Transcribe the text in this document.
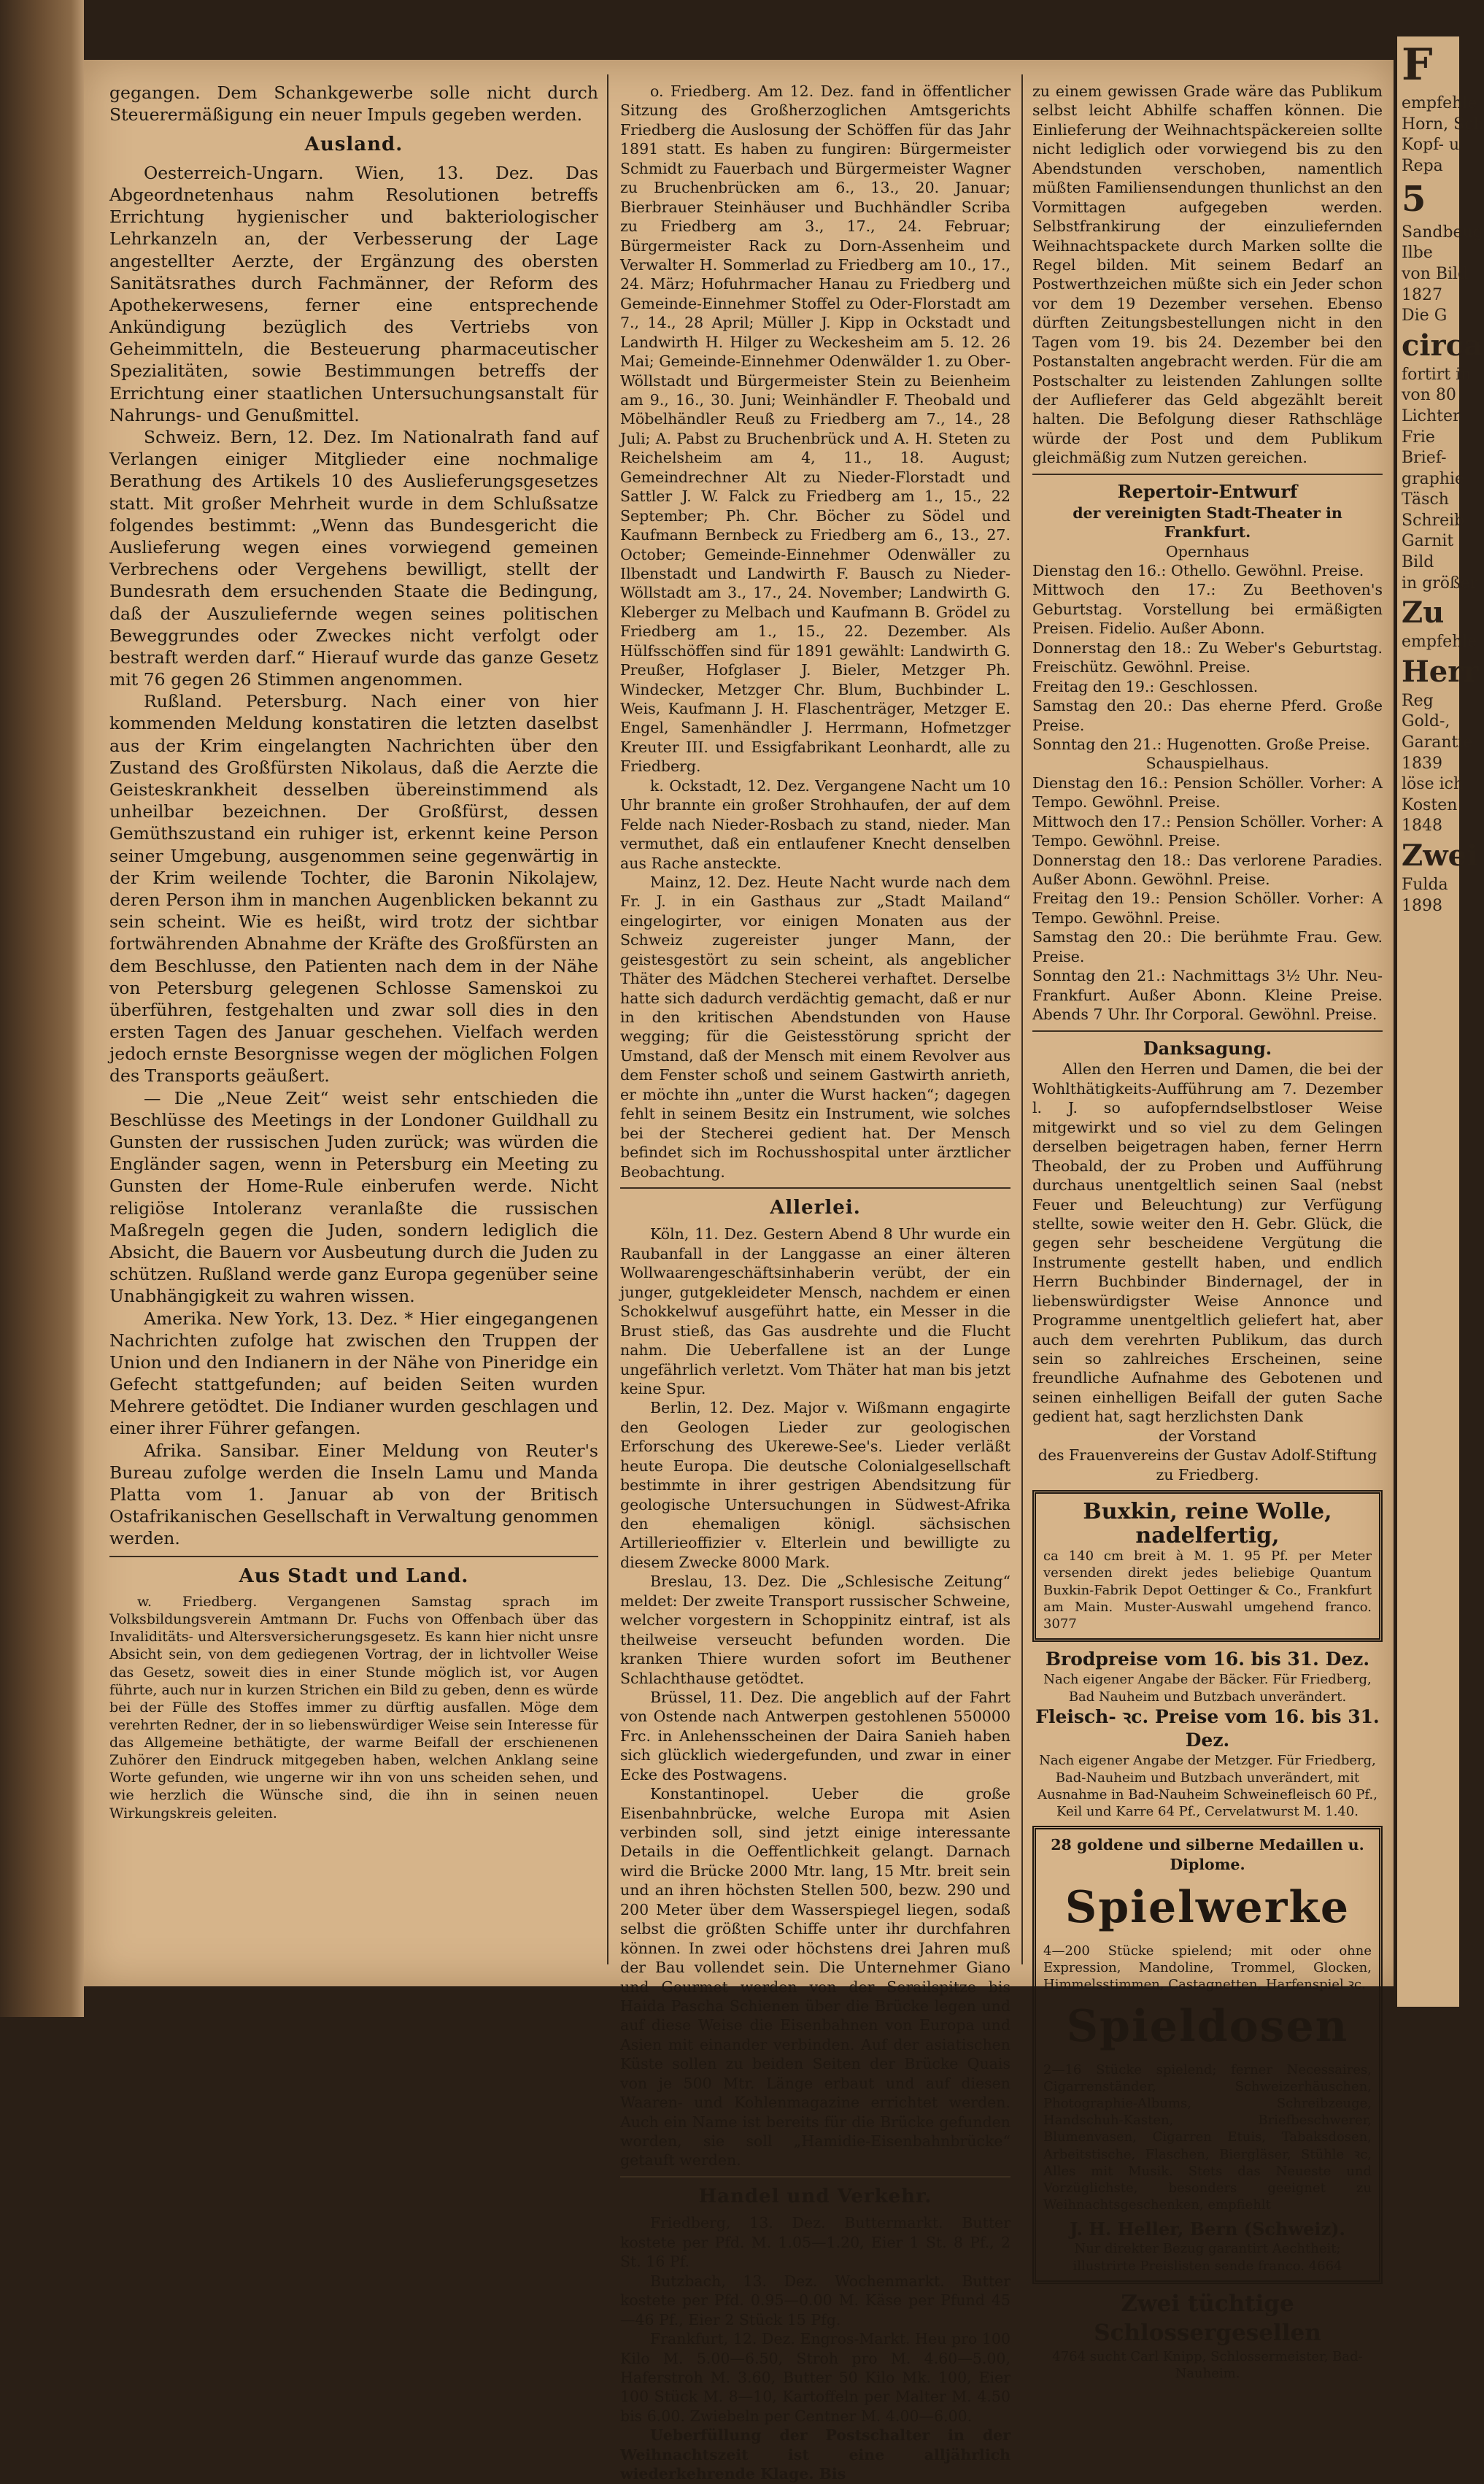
gegangen. Dem Schankgewerbe solle nicht durch Steuerermäßigung ein neuer Impuls gegeben werden.

Ausland.

Oesterreich-Ungarn. Wien, 13. Dez. Das Abgeordnetenhaus nahm Resolutionen betreffs Errichtung hygienischer und bakteriologischer Lehrkanzeln an, der Verbesserung der Lage angestellter Aerzte, der Ergänzung des obersten Sanitätsrathes durch Fachmänner, der Reform des Apothekerwesens, ferner eine entsprechende Ankündigung bezüglich des Vertriebs von Geheimmitteln, die Besteuerung pharmaceutischer Spezialitäten, sowie Bestimmungen betreffs der Errichtung einer staatlichen Untersuchungsanstalt für Nahrungs- und Genußmittel.

Schweiz. Bern, 12. Dez. Im Nationalrath fand auf Verlangen einiger Mitglieder eine nochmalige Berathung des Artikels 10 des Auslieferungsgesetzes statt. Mit großer Mehrheit wurde in dem Schlußsatze folgendes bestimmt: „Wenn das Bundesgericht die Auslieferung wegen eines vorwiegend gemeinen Verbrechens oder Vergehens bewilligt, stellt der Bundesrath dem ersuchenden Staate die Bedingung, daß der Auszuliefernde wegen seines politischen Beweggrundes oder Zweckes nicht verfolgt oder bestraft werden darf.“ Hierauf wurde das ganze Gesetz mit 76 gegen 26 Stimmen angenommen.

Rußland. Petersburg. Nach einer von hier kommenden Meldung konstatiren die letzten daselbst aus der Krim eingelangten Nachrichten über den Zustand des Großfürsten Nikolaus, daß die Aerzte die Geisteskrankheit desselben übereinstimmend als unheilbar bezeichnen. Der Großfürst, dessen Gemüthszustand ein ruhiger ist, erkennt keine Person seiner Umgebung, ausgenommen seine gegenwärtig in der Krim weilende Tochter, die Baronin Nikolajew, deren Person ihm in manchen Augenblicken bekannt zu sein scheint. Wie es heißt, wird trotz der sichtbar fortwährenden Abnahme der Kräfte des Großfürsten an dem Beschlusse, den Patienten nach dem in der Nähe von Petersburg gelegenen Schlosse Samenskoi zu überführen, festgehalten und zwar soll dies in den ersten Tagen des Januar geschehen. Vielfach werden jedoch ernste Besorgnisse wegen der möglichen Folgen des Transports geäußert.

— Die „Neue Zeit“ weist sehr entschieden die Beschlüsse des Meetings in der Londoner Guildhall zu Gunsten der russischen Juden zurück; was würden die Engländer sagen, wenn in Petersburg ein Meeting zu Gunsten der Home-Rule einberufen werde. Nicht religiöse Intoleranz veranlaßte die russischen Maßregeln gegen die Juden, sondern lediglich die Absicht, die Bauern vor Ausbeutung durch die Juden zu schützen. Rußland werde ganz Europa gegenüber seine Unabhängigkeit zu wahren wissen.

Amerika. New York, 13. Dez. * Hier eingegangenen Nachrichten zufolge hat zwischen den Truppen der Union und den Indianern in der Nähe von Pineridge ein Gefecht stattgefunden; auf beiden Seiten wurden Mehrere getödtet. Die Indianer wurden geschlagen und einer ihrer Führer gefangen.

Afrika. Sansibar. Einer Meldung von Reuter's Bureau zufolge werden die Inseln Lamu und Manda Platta vom 1. Januar ab von der Britisch Ostafrikanischen Gesellschaft in Verwaltung genommen werden.

Aus Stadt und Land.

w. Friedberg. Vergangenen Samstag sprach im Volksbildungsverein Amtmann Dr. Fuchs von Offenbach über das Invaliditäts- und Altersversicherungsgesetz. Es kann hier nicht unsre Absicht sein, von dem gediegenen Vortrag, der in lichtvoller Weise das Gesetz, soweit dies in einer Stunde möglich ist, vor Augen führte, auch nur in kurzen Strichen ein Bild zu geben, denn es würde bei der Fülle des Stoffes immer zu dürftig ausfallen. Möge dem verehrten Redner, der in so liebenswürdiger Weise sein Interesse für das Allgemeine bethätigte, der warme Beifall der erschienenen Zuhörer den Eindruck mitgegeben haben, welchen Anklang seine Worte gefunden, wie ungerne wir ihn von uns scheiden sehen, und wie herzlich die Wünsche sind, die ihn in seinen neuen Wirkungskreis geleiten.

o. Friedberg. Am 12. Dez. fand in öffentlicher Sitzung des Großherzoglichen Amtsgerichts Friedberg die Auslosung der Schöffen für das Jahr 1891 statt. Es haben zu fungiren: Bürgermeister Schmidt zu Fauerbach und Bürgermeister Wagner zu Bruchenbrücken am 6., 13., 20. Januar; Bierbrauer Steinhäuser und Buchhändler Scriba zu Friedberg am 3., 17., 24. Februar; Bürgermeister Rack zu Dorn-Assenheim und Verwalter H. Sommerlad zu Friedberg am 10., 17., 24. März; Hofuhrmacher Hanau zu Friedberg und Gemeinde-Einnehmer Stoffel zu Oder-Florstadt am 7., 14., 28 April; Müller J. Kipp in Ockstadt und Landwirth H. Hilger zu Weckesheim am 5. 12. 26 Mai; Gemeinde-Einnehmer Odenwälder 1. zu Ober-Wöllstadt und Bürgermeister Stein zu Beienheim am 9., 16., 30. Juni; Weinhändler F. Theobald und Möbelhändler Reuß zu Friedberg am 7., 14., 28 Juli; A. Pabst zu Bruchenbrück und A. H. Steten zu Reichelsheim am 4, 11., 18. August; Gemeindrechner Alt zu Nieder-Florstadt und Sattler J. W. Falck zu Friedberg am 1., 15., 22 September; Ph. Chr. Böcher zu Södel und Kaufmann Bernbeck zu Friedberg am 6., 13., 27. October; Gemeinde-Einnehmer Odenwäller zu Ilbenstadt und Landwirth F. Bausch zu Nieder-Wöllstadt am 3., 17., 24. November; Landwirth G. Kleberger zu Melbach und Kaufmann B. Grödel zu Friedberg am 1., 15., 22. Dezember. Als Hülfsschöffen sind für 1891 gewählt: Landwirth G. Preußer, Hofglaser J. Bieler, Metzger Ph. Windecker, Metzger Chr. Blum, Buchbinder L. Weis, Kaufmann J. H. Flaschenträger, Metzger E. Engel, Samenhändler J. Herrmann, Hofmetzger Kreuter III. und Essigfabrikant Leonhardt, alle zu Friedberg.

k. Ockstadt, 12. Dez. Vergangene Nacht um 10 Uhr brannte ein großer Strohhaufen, der auf dem Felde nach Nieder-Rosbach zu stand, nieder. Man vermuthet, daß ein entlaufener Knecht denselben aus Rache ansteckte.

Mainz, 12. Dez. Heute Nacht wurde nach dem Fr. J. in ein Gasthaus zur „Stadt Mailand“ eingelogirter, vor einigen Monaten aus der Schweiz zugereister junger Mann, der geistesgestört zu sein scheint, als angeblicher Thäter des Mädchen Stecherei verhaftet. Derselbe hatte sich dadurch verdächtig gemacht, daß er nur in den kritischen Abendstunden von Hause wegging; für die Geistesstörung spricht der Umstand, daß der Mensch mit einem Revolver aus dem Fenster schoß und seinem Gastwirth anrieth, er möchte ihn „unter die Wurst hacken“; dagegen fehlt in seinem Besitz ein Instrument, wie solches bei der Stecherei gedient hat. Der Mensch befindet sich im Rochusshospital unter ärztlicher Beobachtung.

Allerlei.

Köln, 11. Dez. Gestern Abend 8 Uhr wurde ein Raubanfall in der Langgasse an einer älteren Wollwaarengeschäftsinhaberin verübt, der ein junger, gutgekleideter Mensch, nachdem er einen Schokkelwuf ausgeführt hatte, ein Messer in die Brust stieß, das Gas ausdrehte und die Flucht nahm. Die Ueberfallene ist an der Lunge ungefährlich verletzt. Vom Thäter hat man bis jetzt keine Spur.

Berlin, 12. Dez. Major v. Wißmann engagirte den Geologen Lieder zur geologischen Erforschung des Ukerewe-See's. Lieder verläßt heute Europa. Die deutsche Colonialgesellschaft bestimmte in ihrer gestrigen Abendsitzung für geologische Untersuchungen in Südwest-Afrika den ehemaligen königl. sächsischen Artillerieoffizier v. Elterlein und bewilligte zu diesem Zwecke 8000 Mark.

Breslau, 13. Dez. Die „Schlesische Zeitung“ meldet: Der zweite Transport russischer Schweine, welcher vorgestern in Schoppinitz eintraf, ist als theilweise verseucht befunden worden. Die kranken Thiere wurden sofort im Beuthener Schlachthause getödtet.

Brüssel, 11. Dez. Die angeblich auf der Fahrt von Ostende nach Antwerpen gestohlenen 550000 Frc. in Anlehensscheinen der Daira Sanieh haben sich glücklich wiedergefunden, und zwar in einer Ecke des Postwagens.

Konstantinopel. Ueber die große Eisenbahnbrücke, welche Europa mit Asien verbinden soll, sind jetzt einige interessante Details in die Oeffentlichkeit gelangt. Darnach wird die Brücke 2000 Mtr. lang, 15 Mtr. breit sein und an ihren höchsten Stellen 500, bezw. 290 und 200 Meter über dem Wasserspiegel liegen, sodaß selbst die größten Schiffe unter ihr durchfahren können. In zwei oder höchstens drei Jahren muß der Bau vollendet sein. Die Unternehmer Giano und Gourmet werden von der Serailspitze bis Haida Pascha Schienen über die Brücke legen und auf diese Weise die Eisenbahnen von Europa und Asien mit einander verbinden. Auf der asiatischen Küste sollen zu beiden Seiten der Brücke Quais von je 500 Mtr. Länge erbaut und auf diesen Waaren- und Kohlenmagazine errichtet werden. Auch ein Name ist bereits für die Brücke gefunden worden, sie soll „Hamidie-Eisenbahnbrücke“ getauft werden.

Handel und Verkehr.

Friedberg, 13. Dez. Buttermarkt. Butter kostete per Pfd. M. 1.05—1.20, Eier 1 St. 8 Pf., 2 St. 16 Pf.

Butzbach, 13. Dez. Wochenmarkt. Butter kostete per Pfd. 0.95—0.00 M. Käse per Pfund 45—46 Pf., Eier 2 Stück 15 Pfg.

Frankfurt, 12. Dez. Engros-Markt. Heu pro 100 Kilo M. 5.00—6.50, Stroh pro M. 4.60—5.00, Haferstroh M. 3.60, Butter 50 Kilo Mk. 100, Eier 100 Stück M. 8—10, Kartoffeln per Malter M. 4.50 bis 6.00. Zwiebeln per Centner M. 4.00—6.00.

Ueberfüllung der Postschalter in der Weihnachtszeit ist eine alljährlich wiederkehrende Klage. Bis

zu einem gewissen Grade wäre das Publikum selbst leicht Abhilfe schaffen können. Die Einlieferung der Weihnachtspäckereien sollte nicht lediglich oder vorwiegend bis zu den Abendstunden verschoben, namentlich müßten Familiensendungen thunlichst an den Vormittagen aufgegeben werden. Selbstfrankirung der einzuliefernden Weihnachtspackete durch Marken sollte die Regel bilden. Mit seinem Bedarf an Postwerthzeichen müßte sich ein Jeder schon vor dem 19 Dezember versehen. Ebenso dürften Zeitungsbestellungen nicht in den Tagen vom 19. bis 24. Dezember bei den Postanstalten angebracht werden. Für die am Postschalter zu leistenden Zahlungen sollte der Auflieferer das Geld abgezählt bereit halten. Die Befolgung dieser Rathschläge würde der Post und dem Publikum gleichmäßig zum Nutzen gereichen.

Repertoir-Entwurf
der vereinigten Stadt-Theater in Frankfurt.
Opernhaus
Dienstag den 16.: Othello. Gewöhnl. Preise.
Mittwoch den 17.: Zu Beethoven's Geburtstag. Vorstellung bei ermäßigten Preisen. Fidelio. Außer Abonn.
Donnerstag den 18.: Zu Weber's Geburtstag. Freischütz. Gewöhnl. Preise.
Freitag den 19.: Geschlossen.
Samstag den 20.: Das eherne Pferd. Große Preise.
Sonntag den 21.: Hugenotten. Große Preise.
Schauspielhaus.
Dienstag den 16.: Pension Schöller. Vorher: A Tempo. Gewöhnl. Preise.
Mittwoch den 17.: Pension Schöller. Vorher: A Tempo. Gewöhnl. Preise.
Donnerstag den 18.: Das verlorene Paradies. Außer Abonn. Gewöhnl. Preise.
Freitag den 19.: Pension Schöller. Vorher: A Tempo. Gewöhnl. Preise.
Samstag den 20.: Die berühmte Frau. Gew. Preise.
Sonntag den 21.: Nachmittags 3½ Uhr. Neu-Frankfurt. Außer Abonn. Kleine Preise. Abends 7 Uhr. Ihr Corporal. Gewöhnl. Preise.
Danksagung.

Allen den Herren und Damen, die bei der Wohlthätigkeits-Aufführung am 7. Dezember l. J. so aufopferndselbstloser Weise mitgewirkt und so viel zu dem Gelingen derselben beigetragen haben, ferner Herrn Theobald, der zu Proben und Aufführung durchaus unentgeltlich seinen Saal (nebst Feuer und Beleuchtung) zur Verfügung stellte, sowie weiter den H. Gebr. Glück, die gegen sehr bescheidene Vergütung die Instrumente gestellt haben, und endlich Herrn Buchbinder Bindernagel, der in liebenswürdigster Weise Annonce und Programme unentgeltlich geliefert hat, aber auch dem verehrten Publikum, das durch sein so zahlreiches Erscheinen, seine freundliche Aufnahme des Gebotenen und seinen einhelligen Beifall der guten Sache gedient hat, sagt herzlichsten Dank

der Vorstand
des Frauenvereins der Gustav Adolf-Stiftung zu Friedberg.
Buxkin, reine Wolle, nadelfertig,
ca 140 cm breit à M. 1. 95 Pf. per Meter versenden direkt jedes beliebige Quantum Buxkin-Fabrik Depot Oettinger & Co., Frankfurt am Main. Muster-Auswahl umgehend franco. 3077
Brodpreise vom 16. bis 31. Dez.
Nach eigener Angabe der Bäcker. Für Friedberg, Bad Nauheim und Butzbach unverändert.
Fleisch- ꝛc. Preise vom 16. bis 31. Dez.
Nach eigener Angabe der Metzger. Für Friedberg, Bad-Nauheim und Butzbach unverändert, mit Ausnahme in Bad-Nauheim Schweinefleisch 60 Pf., Keil und Karre 64 Pf., Cervelatwurst M. 1.40.
28 goldene und silberne Medaillen u. Diplome.
Spielwerke
4—200 Stücke spielend; mit oder ohne Expression, Mandoline, Trommel, Glocken, Himmelsstimmen, Castagnetten, Harfenspiel ꝛc.
Spieldosen
2—16 Stücke spielend; ferner Necessaires, Cigarrenständer, Schweizerhäuschen, Photographie-Albums, Schreibzeuge, Handschuh-Kasten, Briefbeschwerer, Blumenvasen, Cigarren Etuis, Tabaksdosen, Arbeitstische, Flaschen, Biergläser, Stühle ꝛc, Alles mit Musik. Stets das Neueste und Vorzüglichste, besonders geeignet zu Weihnachtsgeschenken, empfiehlt
J. H. Heller, Bern (Schweiz).
Nur direkter Bezug garantirt Aechtheit; illustrirte Preislisten sende franco. 4664
Zwei tüchtige Schlossergesellen
4764 sucht Carl Knipp, Schlossermeister, Bad-Nauheim.
F
empfehle
Horn, Sch
Kopf- u
Repa
5
Sandbeug
Ilbe
von Bild
1827
Die G
circa
fortirt in
von 80
Lichter
Frie
Brief-
graphie
Täsch
Schreib
Garnit
Bild
in größer
Zu
empfehle
Herr
Reg
Gold-,
Garantie
1839
löse ich
Kosten
1848
Zwei
Fulda
1898
